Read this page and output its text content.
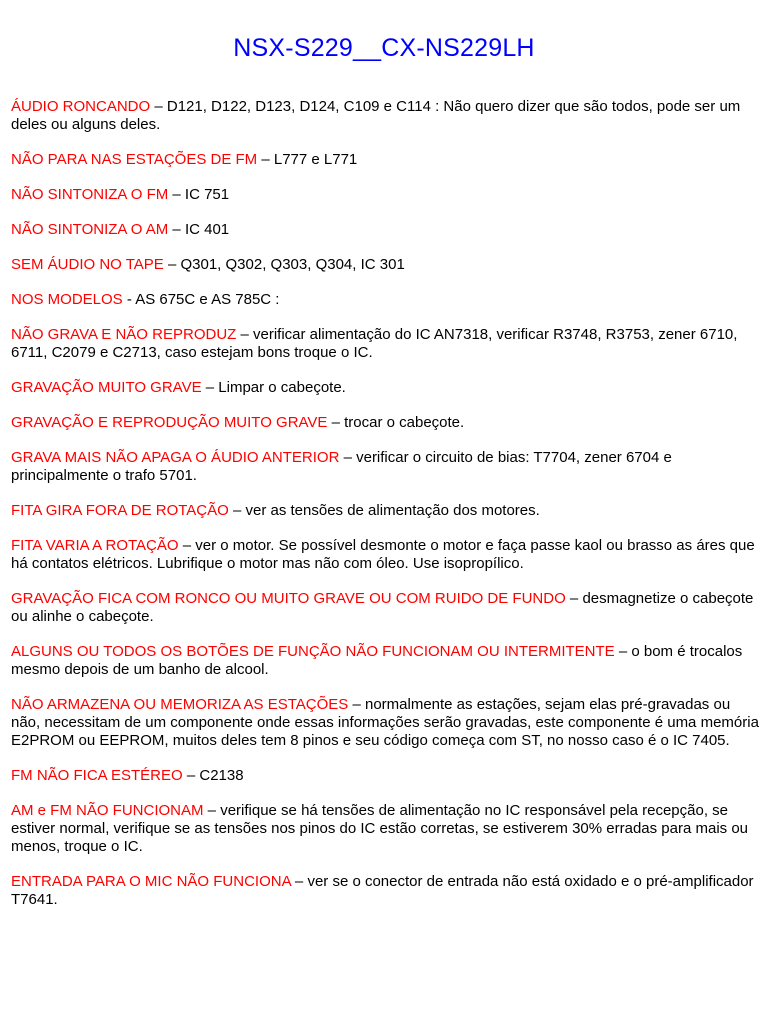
NSX-S229__CX-NS229LH

ÁUDIO RONCANDO – D121, D122, D123, D124, C109 e C114 : Não quero dizer que são todos, pode ser um deles ou alguns deles.

NÃO PARA NAS ESTAÇÕES DE FM – L777 e L771

NÃO SINTONIZA O FM – IC 751

NÃO SINTONIZA O AM – IC 401

SEM ÁUDIO NO TAPE – Q301, Q302, Q303, Q304, IC 301

NOS MODELOS - AS 675C e AS 785C :

NÃO GRAVA E NÃO REPRODUZ – verificar alimentação do IC AN7318, verificar R3748, R3753, zener 6710, 6711, C2079 e C2713, caso estejam bons troque o IC.

GRAVAÇÃO MUITO GRAVE – Limpar o cabeçote.

GRAVAÇÃO E REPRODUÇÃO MUITO GRAVE – trocar o cabeçote.

GRAVA MAIS NÃO APAGA O ÁUDIO ANTERIOR – verificar o circuito de bias: T7704, zener 6704 e principalmente o trafo 5701.

FITA GIRA FORA DE ROTAÇÃO – ver as tensões de alimentação dos motores.

FITA VARIA A ROTAÇÃO – ver o motor. Se possível desmonte o motor e faça passe kaol ou brasso as áres que há contatos elétricos. Lubrifique o motor mas não com óleo. Use isopropílico.

GRAVAÇÃO FICA COM RONCO OU MUITO GRAVE OU COM RUIDO DE FUNDO – desmagnetize o cabeçote ou alinhe o cabeçote.

ALGUNS OU TODOS OS BOTÕES DE FUNÇÃO NÃO FUNCIONAM OU INTERMITENTE – o bom é trocalos mesmo depois de um banho de alcool.

NÃO ARMAZENA OU MEMORIZA AS ESTAÇÕES – normalmente as estações, sejam elas pré-gravadas ou não, necessitam de um componente onde essas informações serão gravadas, este componente é uma memória E2PROM ou EEPROM, muitos deles tem 8 pinos e seu código começa com ST, no nosso caso é o IC 7405.

FM NÃO FICA ESTÉREO – C2138

AM e FM NÃO FUNCIONAM – verifique se há tensões de alimentação no IC responsável pela recepção, se estiver normal, verifique se as tensões nos pinos do IC estão corretas, se estiverem 30% erradas para mais ou menos, troque o IC.

ENTRADA PARA O MIC NÃO FUNCIONA – ver se o conector de entrada não está oxidado e o pré-amplificador T7641.
